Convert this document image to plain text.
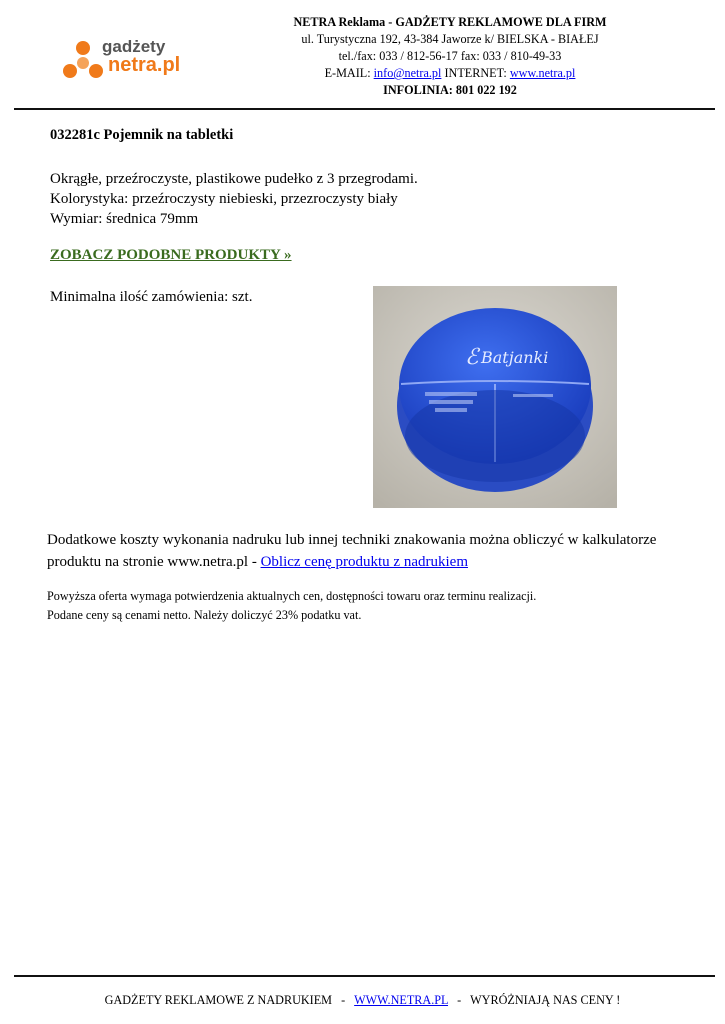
gadżety
netra.pl
NETRA Reklama - GADŻETY REKLAMOWE DLA FIRM
ul. Turystyczna 192, 43-384 Jaworze k/ BIELSKA - BIAŁEJ
tel./fax: 033 / 812-56-17 fax: 033 / 810-49-33
E-MAIL: info@netra.pl INTERNET: www.netra.pl
INFOLINIA: 801 022 192
032281c Pojemnik na tabletki
Okrągłe, przeźroczyste, plastikowe pudełko z 3 przegrodami.
Kolorystyka: przeźroczysty niebieski, przezroczysty biały
Wymiar: średnica 79mm
ZOBACZ PODOBNE PRODUKTY »
Minimalna ilość zamówienia: szt.
ℰ Batjanki
Dodatkowe koszty wykonania nadruku lub innej techniki znakowania można obliczyć w kalkulatorze produktu na stronie www.netra.pl - Oblicz cenę produktu z nadrukiem
Powyższa oferta wymaga potwierdzenia aktualnych cen, dostępności towaru oraz terminu realizacji.
Podane ceny są cenami netto. Należy doliczyć 23% podatku vat.
GADŻETY REKLAMOWE Z NADRUKIEM   -   WWW.NETRA.PL   -   WYRÓŻNIAJĄ NAS CENY !
